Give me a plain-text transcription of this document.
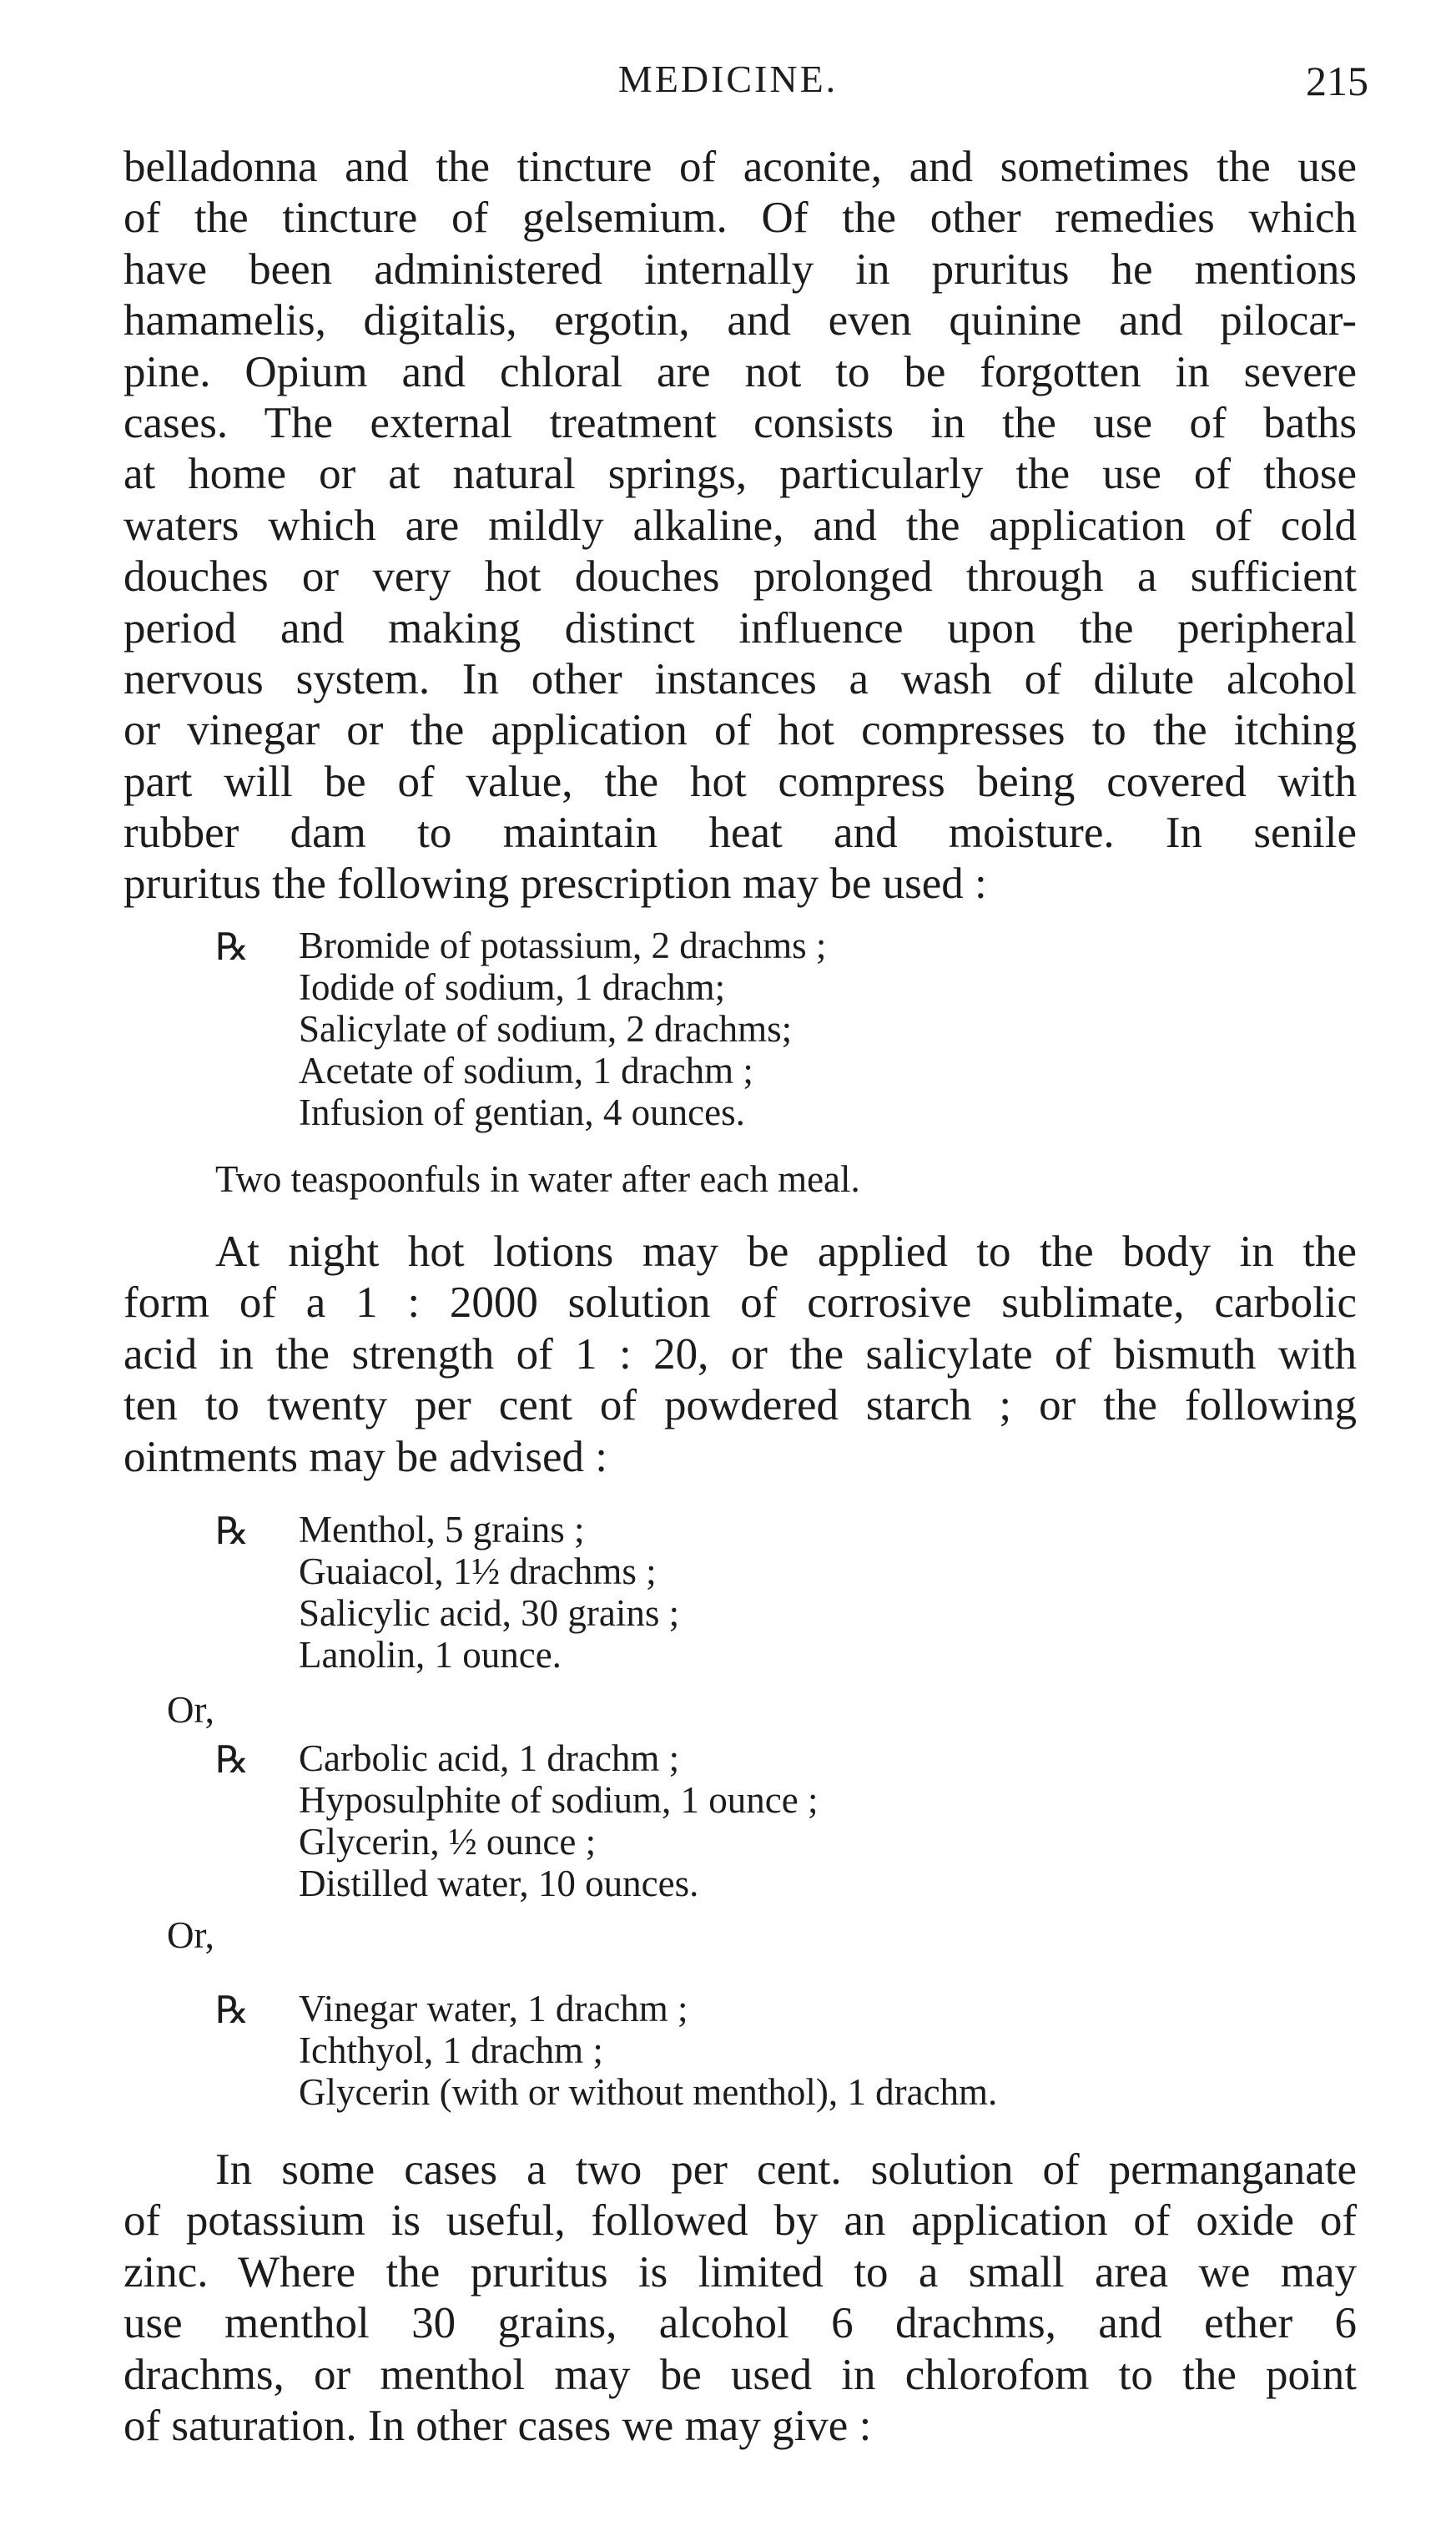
MEDICINE.	215

belladonna and the tincture of aconite, and sometimes the use
of the tincture of gelsemium. Of the other remedies which
have been administered internally in pruritus he mentions
hamamelis, digitalis, ergotin, and even quinine and pilocar-
pine. Opium and chloral are not to be forgotten in severe
cases. The external treatment consists in the use of baths
at home or at natural springs, particularly the use of those
waters which are mildly alkaline, and the application of cold
douches or very hot douches prolonged through a sufficient
period and making distinct influence upon the peripheral
nervous system. In other instances a wash of dilute alcohol
or vinegar or the application of hot compresses to the itching
part will be of value, the hot compress being covered with
rubber dam to maintain heat and moisture. In senile
pruritus the following prescription may be used :

℞ Bromide of potassium, 2 drachms ;
Iodide of sodium, 1 drachm;
Salicylate of sodium, 2 drachms;
Acetate of sodium, 1 drachm ;
Infusion of gentian, 4 ounces.
Two teaspoonfuls in water after each meal.

At night hot lotions may be applied to the body in the
form of a 1 : 2000 solution of corrosive sublimate, carbolic
acid in the strength of 1 : 20, or the salicylate of bismuth with
ten to twenty per cent of powdered starch ; or the following
ointments may be advised :

℞ Menthol, 5 grains ;
Guaiacol, 1½ drachms ;
Salicylic acid, 30 grains ;
Lanolin, 1 ounce.
Or,
℞ Carbolic acid, 1 drachm ;
Hyposulphite of sodium, 1 ounce ;
Glycerin, ½ ounce ;
Distilled water, 10 ounces.
Or,
℞ Vinegar water, 1 drachm ;
Ichthyol, 1 drachm ;
Glycerin (with or without menthol), 1 drachm.

In some cases a two per cent. solution of permanganate
of potassium is useful, followed by an application of oxide of
zinc. Where the pruritus is limited to a small area we may
use menthol 30 grains, alcohol 6 drachms, and ether 6
drachms, or menthol may be used in chlorofom to the point
of saturation. In other cases we may give :
